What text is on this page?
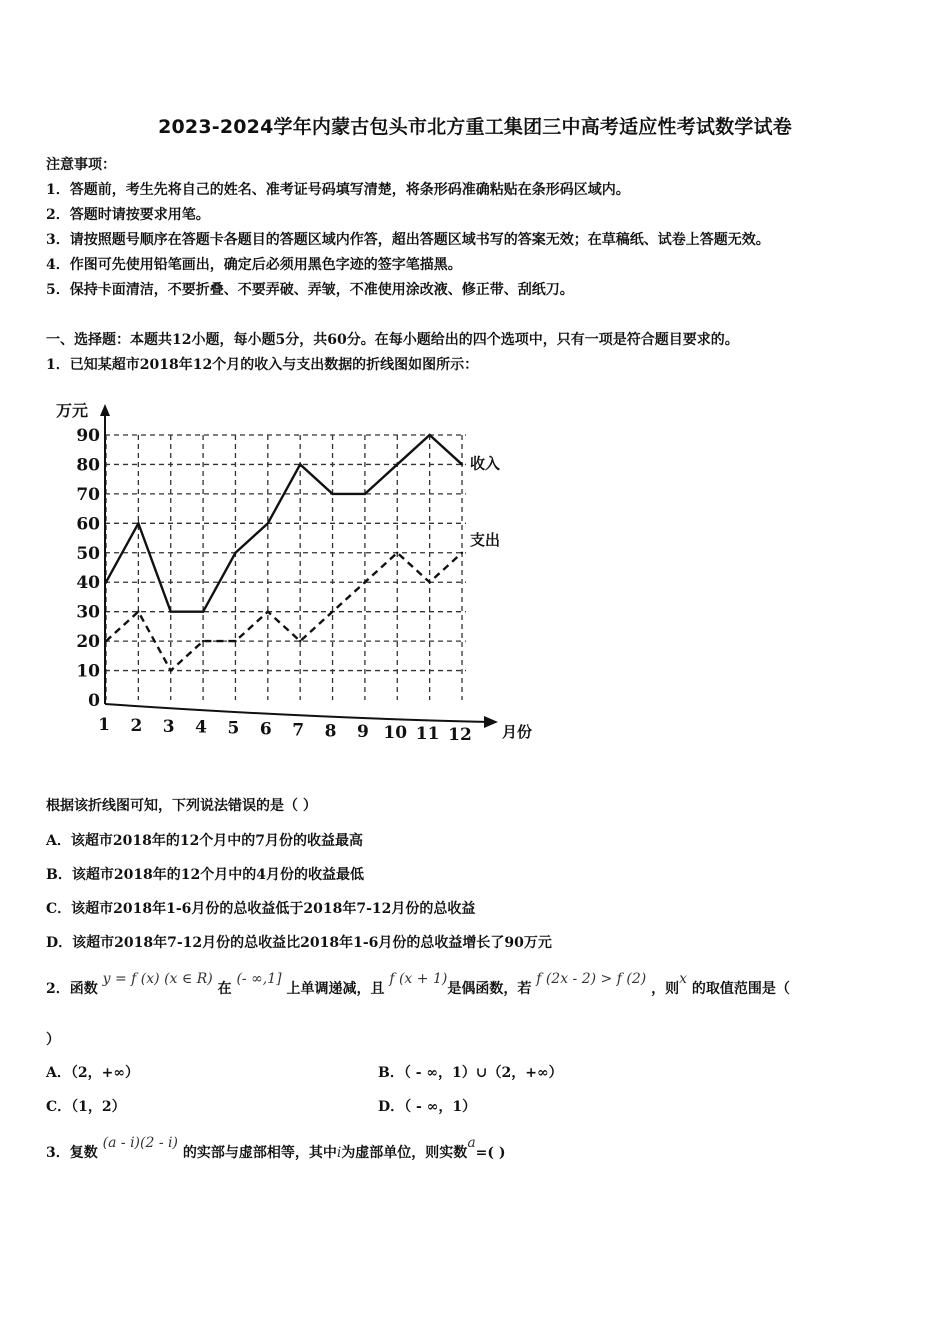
2023-2024学年内蒙古包头市北方重工集团三中高考适应性考试数学试卷
注意事项：
1．答题前，考生先将自己的姓名、准考证号码填写清楚，将条形码准确粘贴在条形码区域内。
2．答题时请按要求用笔。
3．请按照题号顺序在答题卡各题目的答题区域内作答，超出答题区域书写的答案无效；在草稿纸、试卷上答题无效。
4．作图可先使用铅笔画出，确定后必须用黑色字迹的签字笔描黑。
5．保持卡面清洁，不要折叠、不要弄破、弄皱，不准使用涂改液、修正带、刮纸刀。
一、选择题：本题共12小题，每小题5分，共60分。在每小题给出的四个选项中，只有一项是符合题目要求的。
1．已知某超市2018年12个月的收入与支出数据的折线图如图所示：
0
10
20
30
40
50
60
70
80
90
万元
1 2 3 4 5 6 7 8 9 10 11 12 月份
收入
支出
根据该折线图可知，下列说法错误的是（ ）
A．该超市2018年的12个月中的7月份的收益最高
B．该超市2018年的12个月中的4月份的收益最低
C．该超市2018年1-6月份的总收益低于2018年7-12月份的总收益
D．该超市2018年7-12月份的总收益比2018年1-6月份的总收益增长了90万元
2．函数 y = f (x) (x ∈ R) 在 (- ∞,1] 上单调递减，且 f (x + 1)是偶函数，若 f (2x - 2) > f (2) ，则x 的取值范围是（
）
A．（2，+∞）	B．（ - ∞，1）∪（2，+∞）
C．（1，2）	D．（ - ∞，1）
3．复数 (a - i)(2 - i) 的实部与虚部相等，其中i为虚部单位，则实数a=( )
